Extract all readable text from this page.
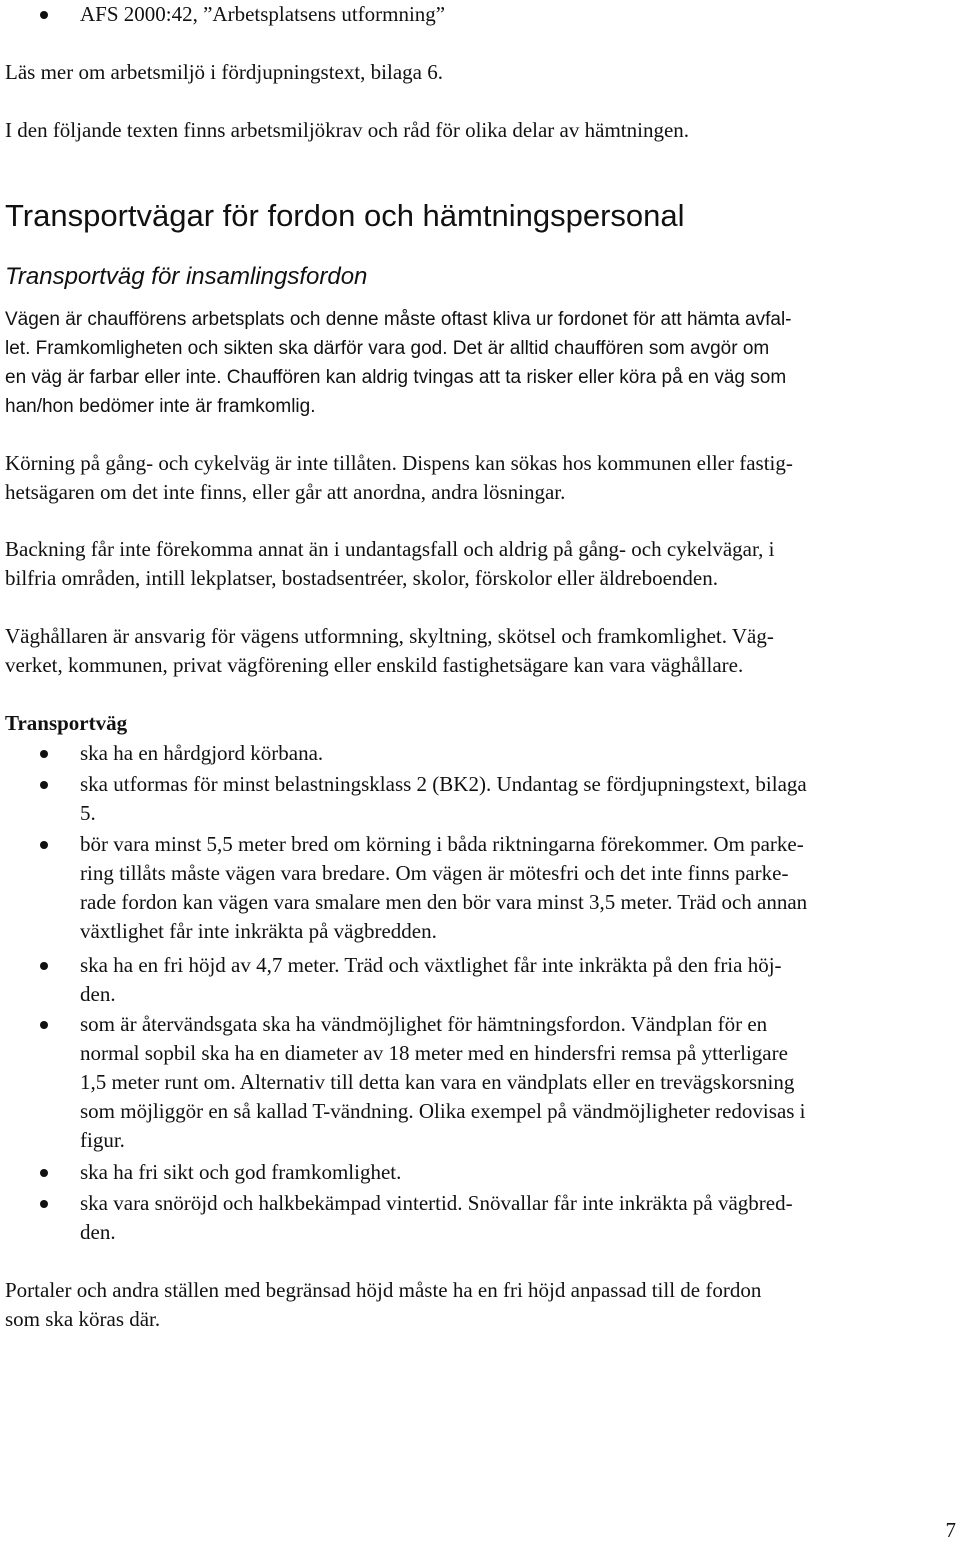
AFS 2000:42, ”Arbetsplatsens utformning”

Läs mer om arbetsmiljö i fördjupningstext, bilaga 6.

I den följande texten finns arbetsmiljökrav och råd för olika delar av hämtningen.

Transportvägar för fordon och hämtningspersonal
Transportväg för insamlingsfordon
Vägen är chaufförens arbetsplats och denne måste oftast kliva ur fordonet för att hämta avfal-
let. Framkomligheten och sikten ska därför vara god. Det är alltid chauffören som avgör om
en väg är farbar eller inte. Chauffören kan aldrig tvingas att ta risker eller köra på en väg som
han/hon bedömer inte är framkomlig.
Körning på gång- och cykelväg är inte tillåten. Dispens kan sökas hos kommunen eller fastig-
hetsägaren om det inte finns, eller går att anordna, andra lösningar.
Backning får inte förekomma annat än i undantagsfall och aldrig på gång- och cykelvägar, i
bilfria områden, intill lekplatser, bostadsentréer, skolor, förskolor eller äldreboenden.
Väghållaren är ansvarig för vägens utformning, skyltning, skötsel och framkomlighet. Väg-
verket, kommunen, privat vägförening eller enskild fastighetsägare kan vara väghållare.

Transportväg

ska ha en hårdgjord körbana.
ska utformas för minst belastningsklass 2 (BK2). Undantag se fördjupningstext, bilaga
5.
bör vara minst 5,5 meter bred om körning i båda riktningarna förekommer. Om parke-
ring tillåts måste vägen vara bredare. Om vägen är mötesfri och det inte finns parke-
rade fordon kan vägen vara smalare men den bör vara minst 3,5 meter. Träd och annan
växtlighet får inte inkräkta på vägbredden.
ska ha en fri höjd av 4,7 meter. Träd och växtlighet får inte inkräkta på den fria höj-
den.
som är återvändsgata ska ha vändmöjlighet för hämtningsfordon. Vändplan för en
normal sopbil ska ha en diameter av 18 meter med en hindersfri remsa på ytterligare
1,5 meter runt om. Alternativ till detta kan vara en vändplats eller en trevägskorsning
som möjliggör en så kallad T-vändning. Olika exempel på vändmöjligheter redovisas i
figur.
ska ha fri sikt och god framkomlighet.
ska vara snöröjd och halkbekämpad vintertid. Snövallar får inte inkräkta på vägbred-
den.
Portaler och andra ställen med begränsad höjd måste ha en fri höjd anpassad till de fordon
som ska köras där.
7
